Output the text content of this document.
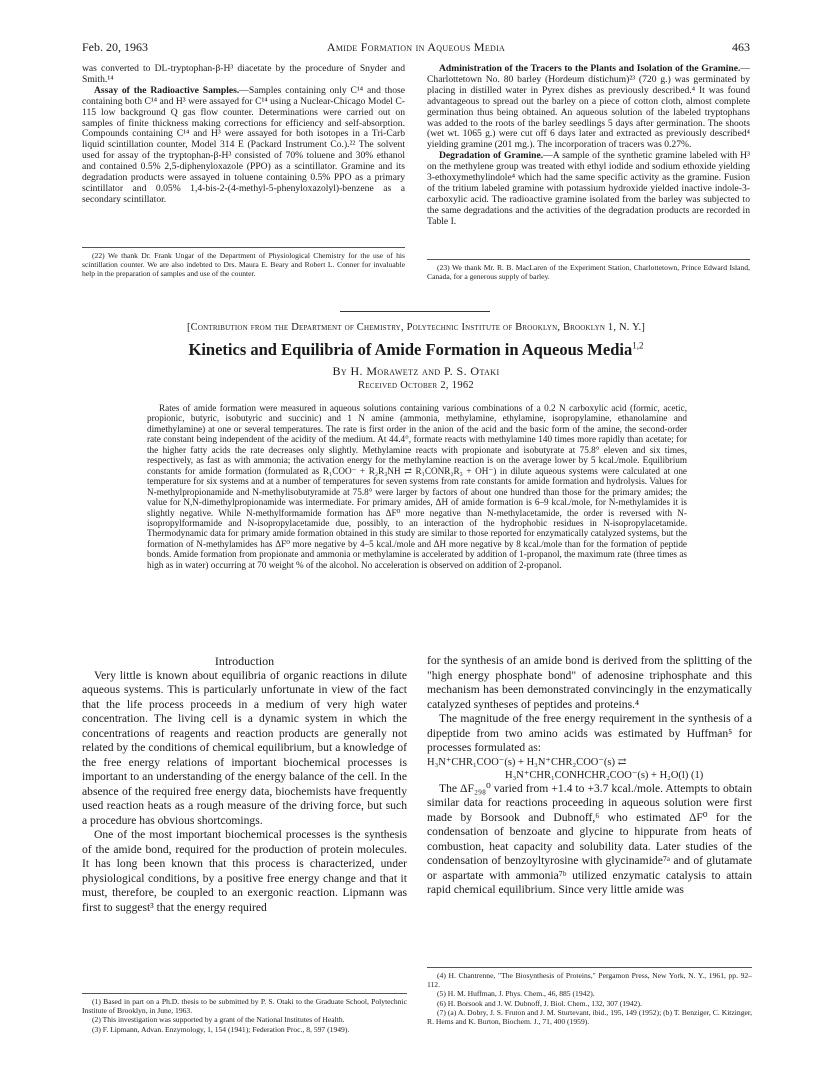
Feb. 20, 1963	Amide Formation in Aqueous Media	463

was converted to DL-tryptophan-β-H³ diacetate by the procedure of Snyder and Smith.¹⁴

Assay of the Radioactive Samples.—Samples containing only C¹⁴ and those containing both C¹⁴ and H³ were assayed for C¹⁴ using a Nuclear-Chicago Model C-115 low background Q gas flow counter. Determinations were carried out on samples of finite thickness making corrections for efficiency and self-absorption. Compounds containing C¹⁴ and H³ were assayed for both isotopes in a Tri-Carb liquid scintillation counter, Model 314 E (Packard Instrument Co.).²² The solvent used for assay of the tryptophan-β-H³ consisted of 70% toluene and 30% ethanol and contained 0.5% 2,5-diphenyloxazole (PPO) as a scintillator. Gramine and its degradation products were assayed in toluene containing 0.5% PPO as a primary scintillator and 0.05% 1,4-bis-2-(4-methyl-5-phenyloxazolyl)-benzene as a secondary scintillator.

(22) We thank Dr. Frank Ungar of the Department of Physiological Chemistry for the use of his scintillation counter. We are also indebted to Drs. Maura E. Beary and Robert L. Conner for invaluable help in the preparation of samples and use of the counter.

Administration of the Tracers to the Plants and Isolation of the Gramine.—Charlottetown No. 80 barley (Hordeum distichum)²³ (720 g.) was germinated by placing in distilled water in Pyrex dishes as previously described.⁴ It was found advantageous to spread out the barley on a piece of cotton cloth, almost complete germination thus being obtained. An aqueous solution of the labeled tryptophans was added to the roots of the barley seedlings 5 days after germination. The shoots (wet wt. 1065 g.) were cut off 6 days later and extracted as previously described⁴ yielding gramine (201 mg.). The incorporation of tracers was 0.27%.

Degradation of Gramine.—A sample of the synthetic gramine labeled with H³ on the methylene group was treated with ethyl iodide and sodium ethoxide yielding 3-ethoxymethylindole⁴ which had the same specific activity as the gramine. Fusion of the tritium labeled gramine with potassium hydroxide yielded inactive indole-3-carboxylic acid. The radioactive gramine isolated from the barley was subjected to the same degradations and the activities of the degradation products are recorded in Table I.

(23) We thank Mr. R. B. MacLaren of the Experiment Station, Charlottetown, Prince Edward Island, Canada, for a generous supply of barley.

[Contribution from the Department of Chemistry, Polytechnic Institute of Brooklyn, Brooklyn 1, N. Y.]
Kinetics and Equilibria of Amide Formation in Aqueous Media$^{1,2}$
By H. Morawetz and P. S. Otaki
Received October 2, 1962

Rates of amide formation were measured in aqueous solutions containing various combinations of a 0.2 N carboxylic acid (formic, acetic, propionic, butyric, isobutyric and succinic) and 1 N amine (ammonia, methylamine, ethylamine, isopropylamine, ethanolamine and dimethylamine) at one or several temperatures. The rate is first order in the anion of the acid and the basic form of the amine, the second-order rate constant being independent of the acidity of the medium. At 44.4°, formate reacts with methylamine 140 times more rapidly than acetate; for the higher fatty acids the rate decreases only slightly. Methylamine reacts with propionate and isobutyrate at 75.8° eleven and six times, respectively, as fast as with ammonia; the activation energy for the methylamine reaction is on the average lower by 5 kcal./mole. Equilibrium constants for amide formation (formulated as R₁COO⁻ + R₂R₃NH ⇄ R₁CONR₂R₃ + OH⁻) in dilute aqueous systems were calculated at one temperature for six systems and at a number of temperatures for seven systems from rate constants for amide formation and hydrolysis. Values for N-methylpropionamide and N-methylisobutyramide at 75.8° were larger by factors of about one hundred than those for the primary amides; the value for N,N-dimethylpropionamide was intermediate. For primary amides, ΔH of amide formation is 6–9 kcal./mole, for N-methylamides it is slightly negative. While N-methylformamide formation has ΔF⁰ more negative than N-methylacetamide, the order is reversed with N-isopropylformamide and N-isopropylacetamide due, possibly, to an interaction of the hydrophobic residues in N-isopropylacetamide. Thermodynamic data for primary amide formation obtained in this study are similar to those reported for enzymatically catalyzed systems, but the formation of N-methylamides has ΔF⁰ more negative by 4–5 kcal./mole and ΔH more negative by 8 kcal./mole than for the formation of peptide bonds. Amide formation from propionate and ammonia or methylamine is accelerated by addition of 1-propanol, the maximum rate (three times as high as in water) occurring at 70 weight % of the alcohol. No acceleration is observed on addition of 2-propanol.

Introduction

Very little is known about equilibria of organic reactions in dilute aqueous systems. This is particularly unfortunate in view of the fact that the life process proceeds in a medium of very high water concentration. The living cell is a dynamic system in which the concentrations of reagents and reaction products are generally not related by the conditions of chemical equilibrium, but a knowledge of the free energy relations of important biochemical processes is important to an understanding of the energy balance of the cell. In the absence of the required free energy data, biochemists have frequently used reaction heats as a rough measure of the driving force, but such a procedure has obvious shortcomings.

One of the most important biochemical processes is the synthesis of the amide bond, required for the production of protein molecules. It has long been known that this process is characterized, under physiological conditions, by a positive free energy change and that it must, therefore, be coupled to an exergonic reaction. Lipmann was first to suggest³ that the energy required

(1) Based in part on a Ph.D. thesis to be submitted by P. S. Otaki to the Graduate School, Polytechnic Institute of Brooklyn, in June, 1963.

(2) This investigation was supported by a grant of the National Institutes of Health.

(3) F. Lipmann, Advan. Enzymology, 1, 154 (1941); Federation Proc., 8, 597 (1949).

for the synthesis of an amide bond is derived from the splitting of the "high energy phosphate bond" of adenosine triphosphate and this mechanism has been demonstrated convincingly in the enzymatically catalyzed syntheses of peptides and proteins.⁴

The magnitude of the free energy requirement in the synthesis of a dipeptide from two amino acids was estimated by Huffman⁵ for processes formulated as:

H₃N⁺CHR₁COO⁻(s) + H₃N⁺CHR₂COO⁻(s) ⇄
H₃N⁺CHR₁CONHCHR₂COO⁻(s) + H₂O(l) (1)

The ΔF₂₉₈⁰ varied from +1.4 to +3.7 kcal./mole. Attempts to obtain similar data for reactions proceeding in aqueous solution were first made by Borsook and Dubnoff,⁶ who estimated ΔF⁰ for the condensation of benzoate and glycine to hippurate from heats of combustion, heat capacity and solubility data. Later studies of the condensation of benzoyltyrosine with glycinamide⁷ᵃ and of glutamate or aspartate with ammonia⁷ᵇ utilized enzymatic catalysis to attain rapid chemical equilibrium. Since very little amide was

(4) H. Chantrenne, "The Biosynthesis of Proteins," Pergamon Press, New York, N. Y., 1961, pp. 92–112.

(5) H. M. Huffman, J. Phys. Chem., 46, 885 (1942).

(6) H. Borsook and J. W. Dubnoff, J. Biol. Chem., 132, 307 (1942).

(7) (a) A. Dobry, J. S. Fruton and J. M. Sturtevant, ibid., 195, 149 (1952); (b) T. Benziger, C. Kitzinger, R. Hems and K. Burton, Biochem. J., 71, 400 (1959).
